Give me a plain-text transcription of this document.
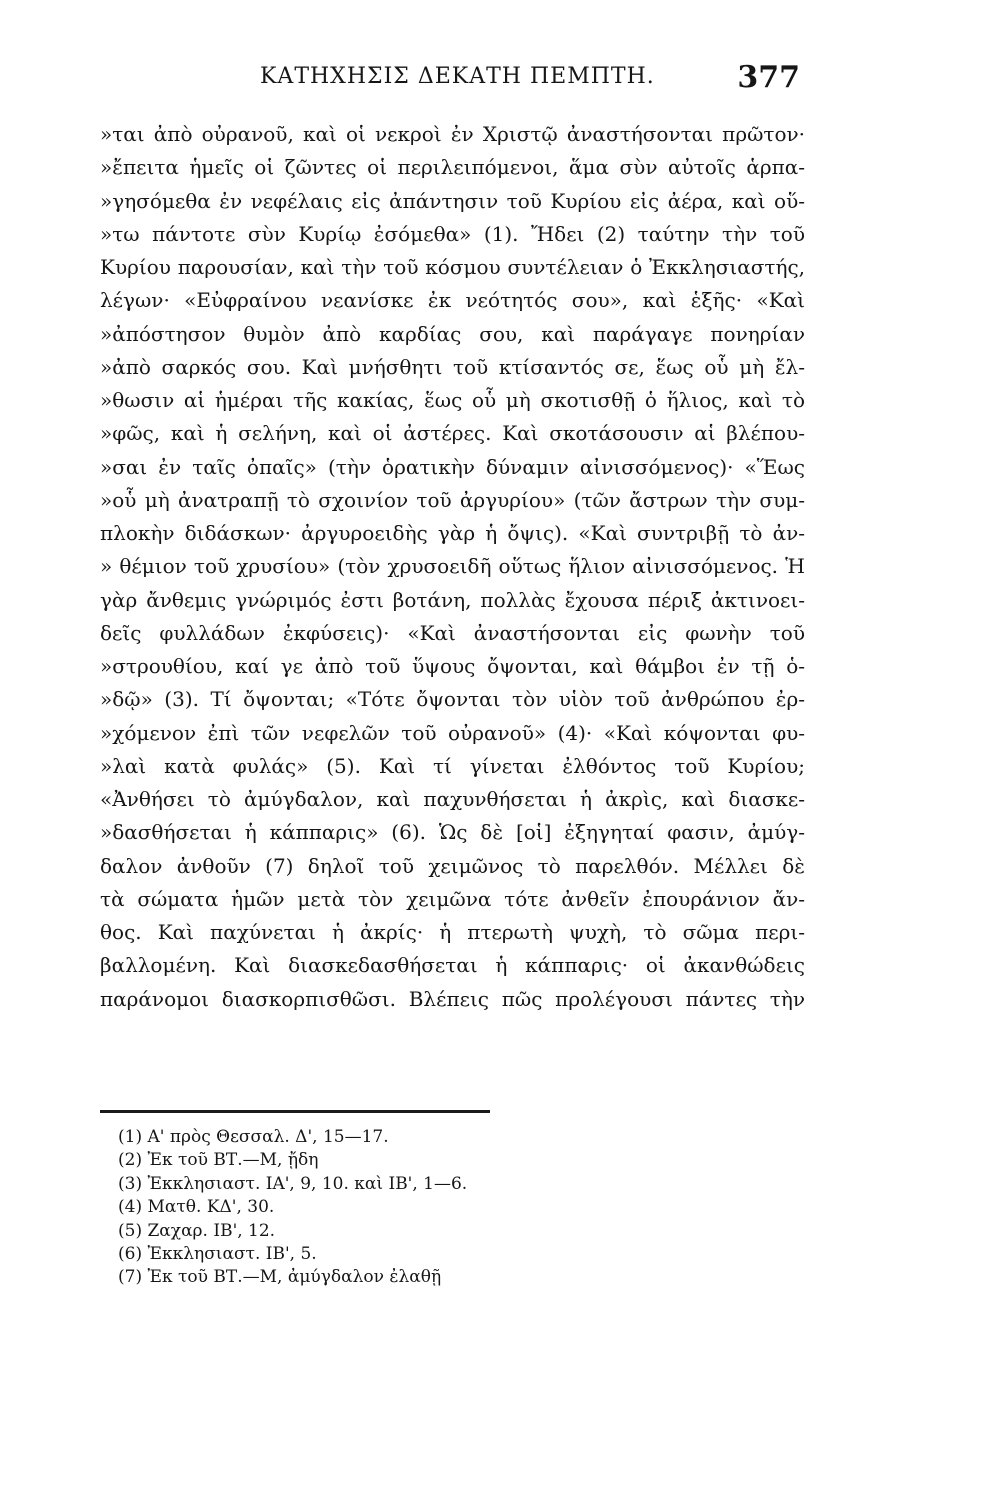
ΚΑΤΗΧΗΣΙΣ ΔΕΚΑΤΗ ΠΕΜΠΤΗ.	377
»ται ἀπὸ οὐρανοῦ, καὶ οἱ νεκροὶ ἐν Χριστῷ ἀναστήσονται πρῶτον·
»ἔπειτα ἡμεῖς οἱ ζῶντες οἱ περιλειπόμενοι, ἅμα σὺν αὐτοῖς ἁρπα-
»γησόμεθα ἐν νεφέλαις εἰς ἀπάντησιν τοῦ Κυρίου εἰς ἀέρα, καὶ οὕ-
»τω πάντοτε σὺν Κυρίῳ ἐσόμεθα» (1). Ἤδει (2) ταύτην τὴν τοῦ
Κυρίου παρουσίαν, καὶ τὴν τοῦ κόσμου συντέλειαν ὁ Ἐκκλησιαστής,
λέγων· «Εὐφραίνου νεανίσκε ἐκ νεότητός σου», καὶ ἑξῆς· «Καὶ
»ἀπόστησον θυμὸν ἀπὸ καρδίας σου, καὶ παράγαγε πονηρίαν
»ἀπὸ σαρκός σου. Καὶ μνήσθητι τοῦ κτίσαντός σε, ἕως οὗ μὴ ἔλ-
»θωσιν αἱ ἡμέραι τῆς κακίας, ἕως οὗ μὴ σκοτισθῇ ὁ ἥλιος, καὶ τὸ
»φῶς, καὶ ἡ σελήνη, καὶ οἱ ἀστέρες. Καὶ σκοτάσουσιν αἱ βλέπου-
»σαι ἐν ταῖς ὀπαῖς» (τὴν ὁρατικὴν δύναμιν αἰνισσόμενος)· «Ἕως
»οὗ μὴ ἀνατραπῇ τὸ σχοινίον τοῦ ἀργυρίου» (τῶν ἄστρων τὴν συμ-
πλοκὴν διδάσκων· ἀργυροειδὴς γὰρ ἡ ὄψις). «Καὶ συντριβῇ τὸ ἀν-
» θέμιον τοῦ χρυσίου» (τὸν χρυσοειδῆ οὕτως ἥλιον αἰνισσόμενος. Ἡ
γὰρ ἄνθεμις γνώριμός ἐστι βοτάνη, πολλὰς ἔχουσα πέριξ ἀκτινοει-
δεῖς φυλλάδων ἐκφύσεις)· «Καὶ ἀναστήσονται εἰς φωνὴν τοῦ
»στρουθίου, καί γε ἀπὸ τοῦ ὕψους ὄψονται, καὶ θάμβοι ἐν τῇ ὁ-
»δῷ» (3). Τί ὄψονται; «Τότε ὄψονται τὸν υἱὸν τοῦ ἀνθρώπου ἐρ-
»χόμενον ἐπὶ τῶν νεφελῶν τοῦ οὐρανοῦ» (4)· «Καὶ κόψονται φυ-
»λαὶ κατὰ φυλάς» (5). Καὶ τί γίνεται ἐλθόντος τοῦ Κυρίου;
«Ἀνθήσει τὸ ἀμύγδαλον, καὶ παχυνθήσεται ἡ ἀκρὶς, καὶ διασκε-
»δασθήσεται ἡ κάππαρις» (6). Ὡς δὲ [οἱ] ἐξηγηταί φασιν, ἀμύγ-
δαλον ἀνθοῦν (7) δηλοῖ τοῦ χειμῶνος τὸ παρελθόν. Μέλλει δὲ
τὰ σώματα ἡμῶν μετὰ τὸν χειμῶνα τότε ἀνθεῖν ἐπουράνιον ἄν-
θος. Καὶ παχύνεται ἡ ἀκρίς· ἡ πτερωτὴ ψυχὴ, τὸ σῶμα περι-
βαλλομένη. Καὶ διασκεδασθήσεται ἡ κάππαρις· οἱ ἀκανθώδεις
παράνομοι διασκορπισθῶσι. Βλέπεις πῶς προλέγουσι πάντες τὴν
(1) Α' πρὸς Θεσσαλ. Δ', 15—17.
(2) Ἐκ τοῦ ΒΤ.—Μ, ᾔδη
(3) Ἐκκλησιαστ. ΙΑ', 9, 10. καὶ ΙΒ', 1—6.
(4) Ματθ. ΚΔ', 30.
(5) Ζαχαρ. ΙΒ', 12.
(6) Ἐκκλησιαστ. ΙΒ', 5.
(7) Ἐκ τοῦ ΒΤ.—Μ, ἀμύγδαλον ἐλαθῇ
